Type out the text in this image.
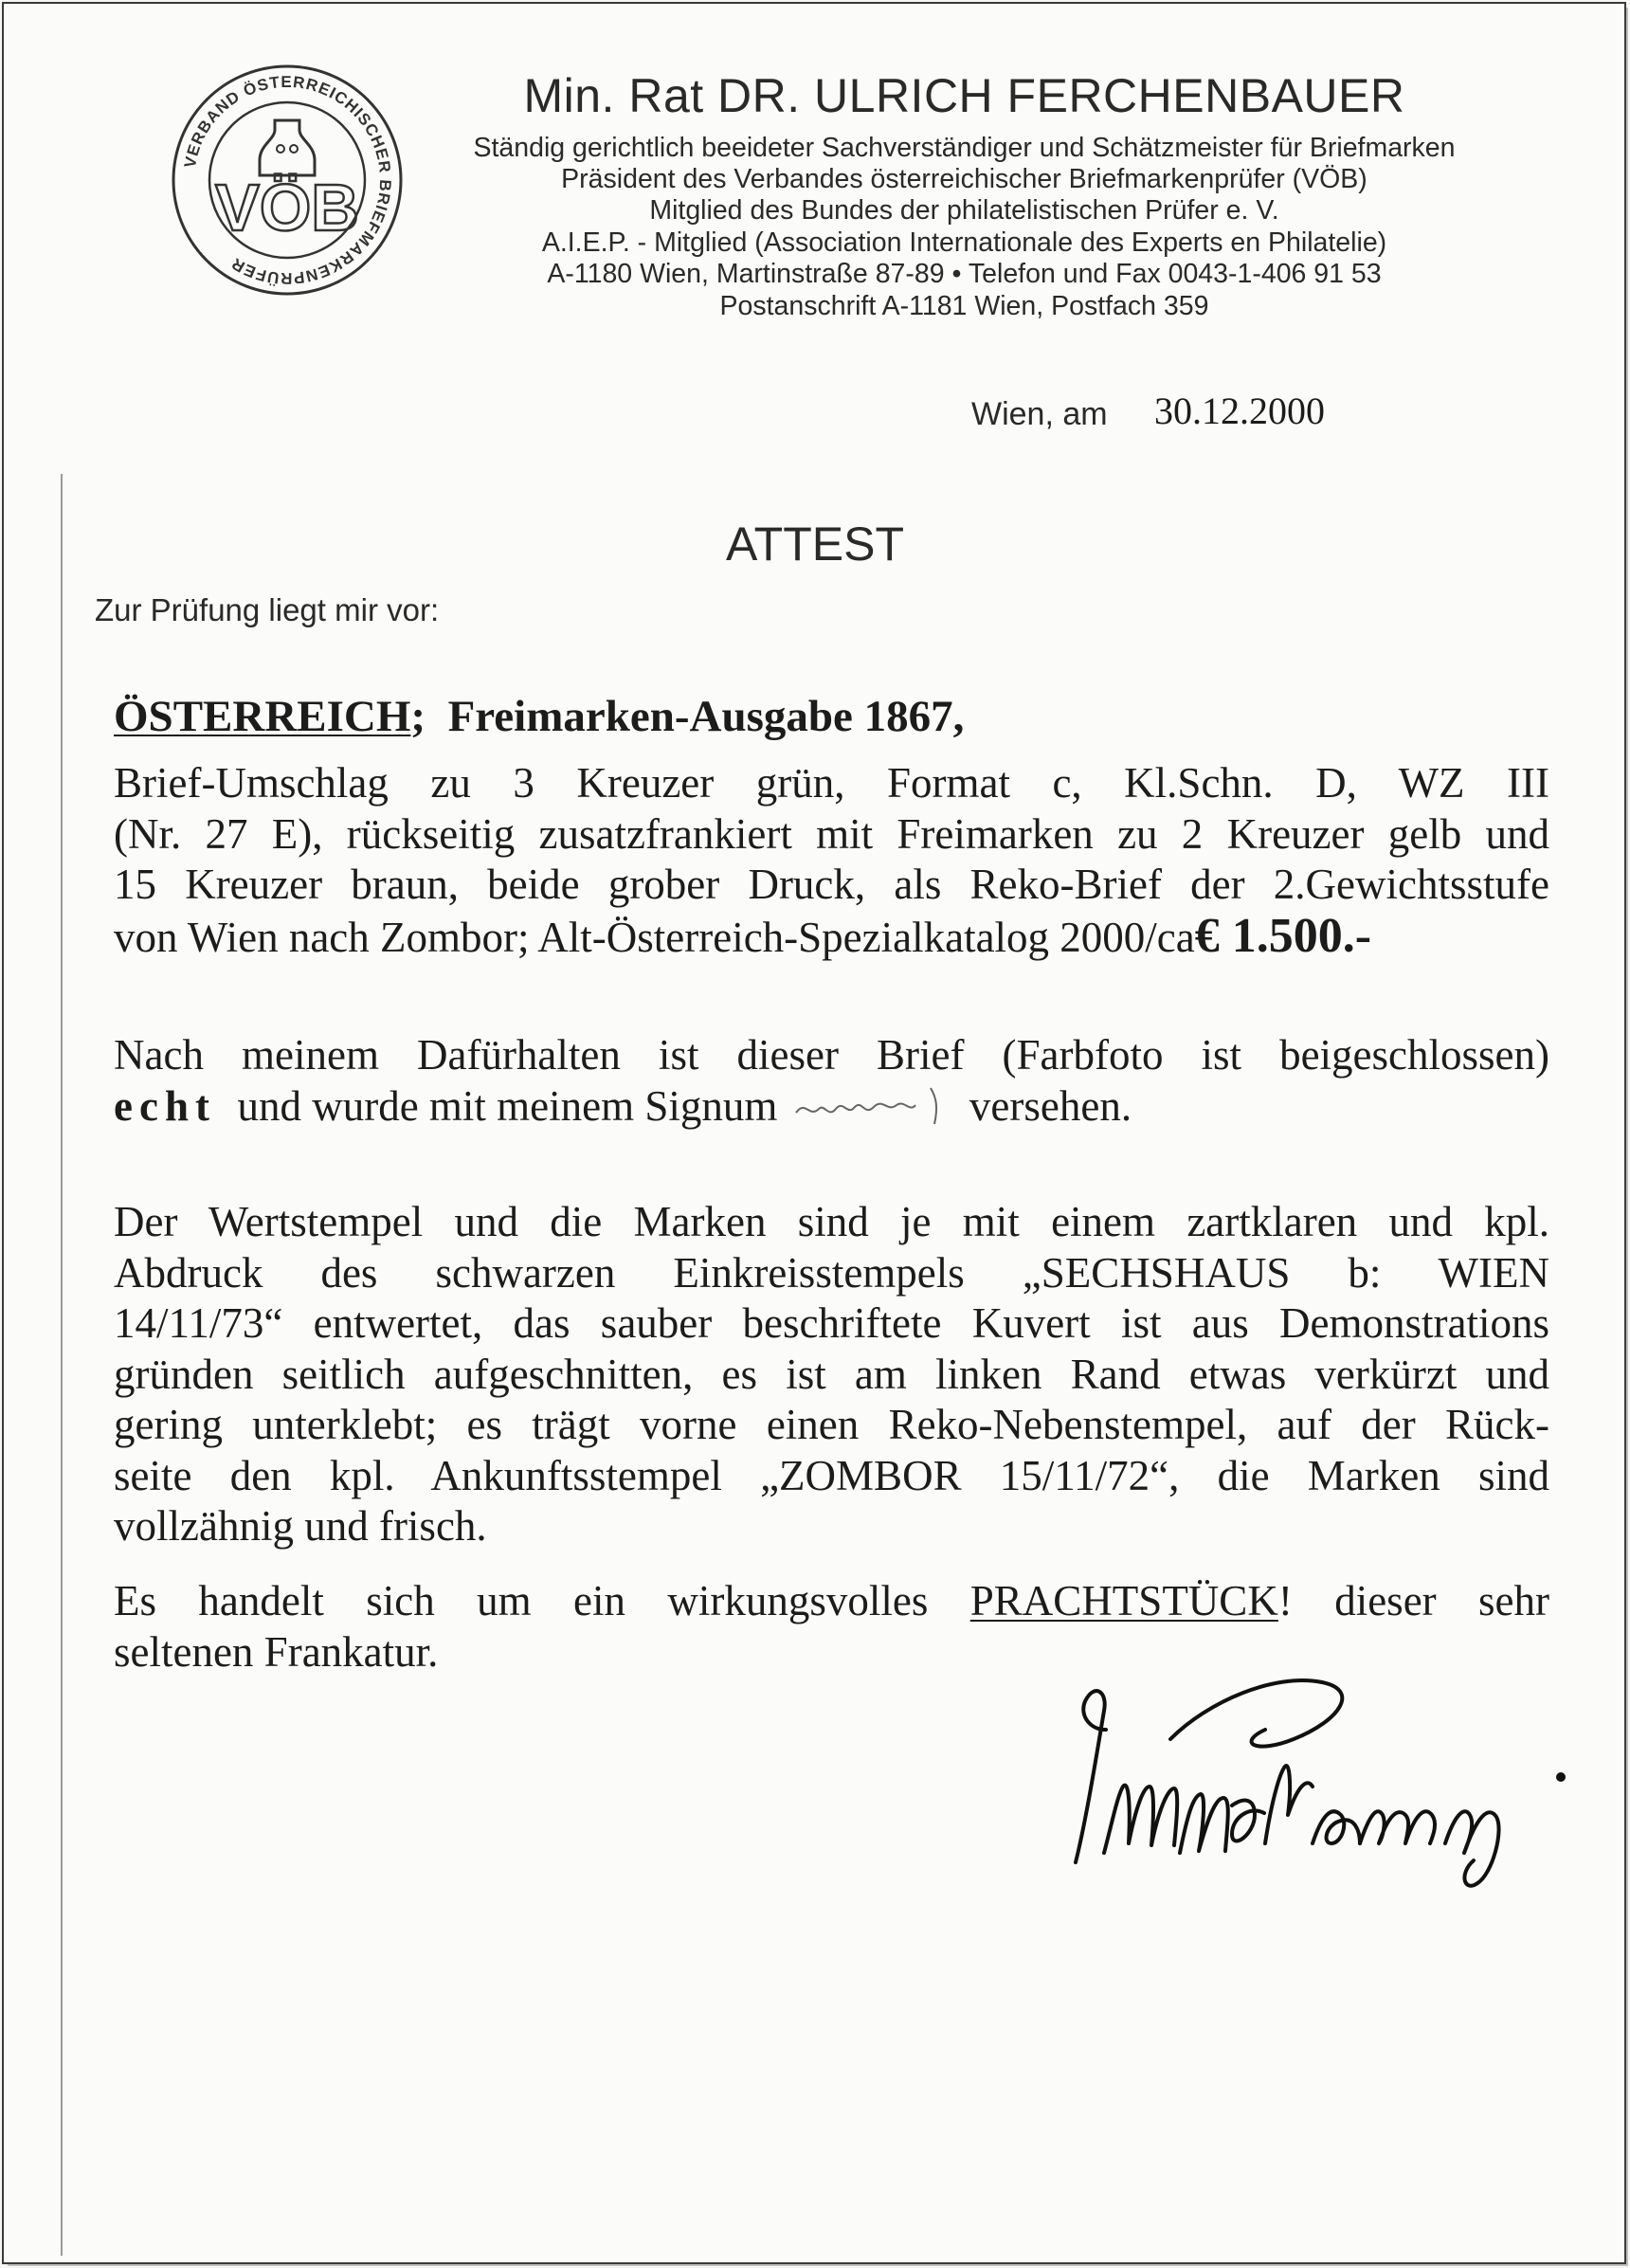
VERBAND ÖSTERREICHISCHER BRIEFMARKENPRÜFER
VÖB
Min. Rat DR. ULRICH FERCHENBAUER
Ständig gerichtlich beeideter Sachverständiger und Schätzmeister für Briefmarken
Präsident des Verbandes österreichischer Briefmarkenprüfer (VÖB)
Mitglied des Bundes der philatelistischen Prüfer e. V.
A.I.E.P. - Mitglied (Association Internationale des Experts en Philatelie)
A-1180 Wien, Martinstraße 87-89 • Telefon und Fax 0043-1-406 91 53
Postanschrift A-1181 Wien, Postfach 359
Wien, am 30.12.2000
ATTEST
Zur Prüfung liegt mir vor:
ÖSTERREICH; Freimarken-Ausgabe 1867,
Brief-Umschlag zu 3 Kreuzer grün, Format c, Kl.Schn. D, WZ III
(Nr. 27 E), rückseitig zusatzfrankiert mit Freimarken zu 2 Kreuzer gelb und
15 Kreuzer braun, beide grober Druck, als Reko-Brief der 2.Gewichtsstufe
von Wien nach Zombor; Alt-Österreich-Spezialkatalog 2000/ca€ 1.500.-
Nach meinem Dafürhalten ist dieser Brief (Farbfoto ist beigeschlossen)
echt und wurde mit meinem Signum	versehen.
Der Wertstempel und die Marken sind je mit einem zartklaren und kpl.
Abdruck des schwarzen Einkreisstempels „SECHSHAUS b: WIEN
14/11/73“ entwertet, das sauber beschriftete Kuvert ist aus Demonstrations
gründen seitlich aufgeschnitten, es ist am linken Rand etwas verkürzt und
gering unterklebt; es trägt vorne einen Reko-Nebenstempel, auf der Rück-
seite den kpl. Ankunftsstempel „ZOMBOR 15/11/72“, die Marken sind
vollzähnig und frisch.
Es handelt sich um ein wirkungsvolles PRACHTSTÜCK! dieser sehr
seltenen Frankatur.
